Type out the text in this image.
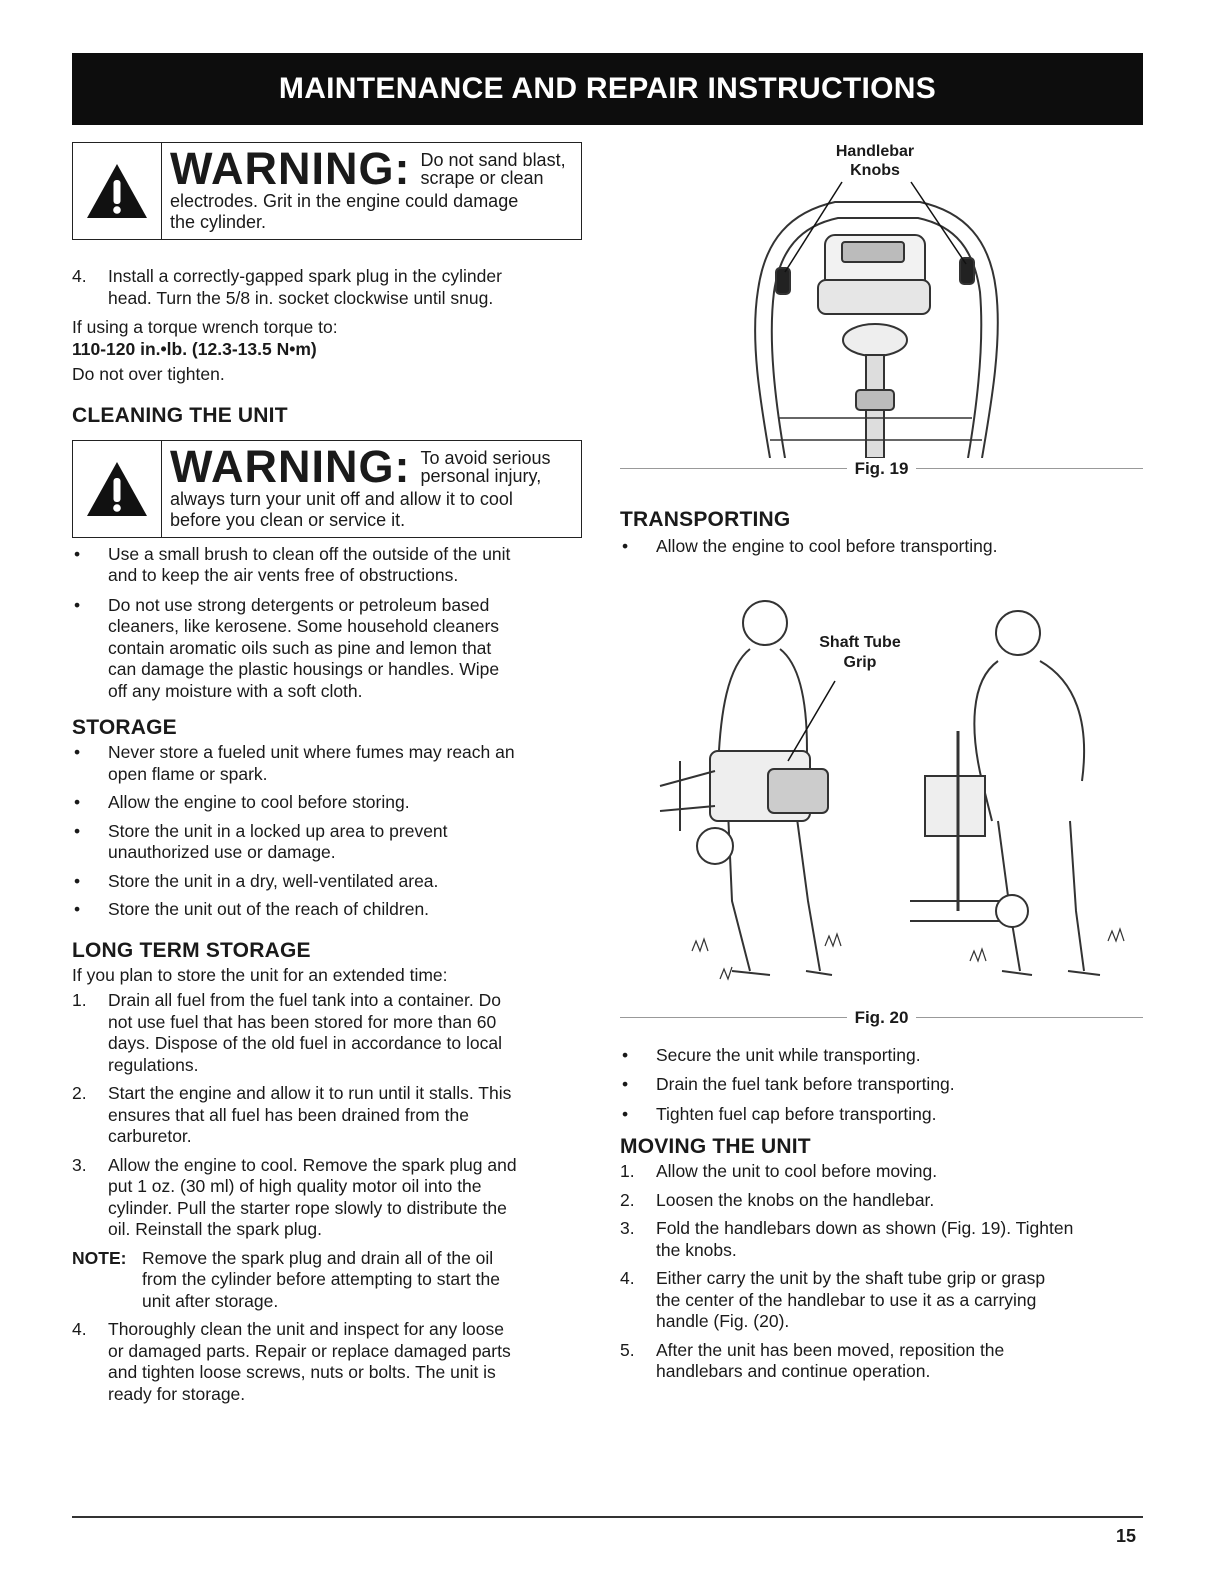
MAINTENANCE AND REPAIR INSTRUCTIONS
WARNING: Do not sand blast,
scrape or clean
electrodes. Grit in the engine could damage
the cylinder.
4. Install a correctly-gapped spark plug in the cylinder
head. Turn the 5/8 in. socket clockwise until snug.

If using a torque wrench torque to:

110-120 in.•lb. (12.3-13.5 N•m)

Do not over tighten.

CLEANING THE UNIT
WARNING: To avoid serious
personal injury,
always turn your unit off and allow it to cool
before you clean or service it.
• Use a small brush to clean off the outside of the unit
and to keep the air vents free of obstructions.
• Do not use strong detergents or petroleum based
cleaners, like kerosene. Some household cleaners
contain aromatic oils such as pine and lemon that
can damage the plastic housings or handles. Wipe
off any moisture with a soft cloth.
STORAGE
• Never store a fueled unit where fumes may reach an
open flame or spark.
• Allow the engine to cool before storing.
• Store the unit in a locked up area to prevent
unauthorized use or damage.
• Store the unit in a dry, well-ventilated area.
• Store the unit out of the reach of children.
LONG TERM STORAGE

If you plan to store the unit for an extended time:

1. Drain all fuel from the fuel tank into a container. Do
not use fuel that has been stored for more than 60
days. Dispose of the old fuel in accordance to local
regulations.
2. Start the engine and allow it to run until it stalls. This
ensures that all fuel has been drained from the
carburetor.
3. Allow the engine to cool. Remove the spark plug and
put 1 oz. (30 ml) of high quality motor oil into the
cylinder. Pull the starter rope slowly to distribute the
oil. Reinstall the spark plug.
NOTE: Remove the spark plug and drain all of the oil
from the cylinder before attempting to start the
unit after storage.
4. Thoroughly clean the unit and inspect for any loose
or damaged parts. Repair or replace damaged parts
and tighten loose screws, nuts or bolts. The unit is
ready for storage.
Handlebar
Knobs
Fig. 19
TRANSPORTING
• Allow the engine to cool before transporting.
Shaft Tube
Grip
Fig. 20
• Secure the unit while transporting.
• Drain the fuel tank before transporting.
• Tighten fuel cap before transporting.
MOVING THE UNIT
1. Allow the unit to cool before moving.
2. Loosen the knobs on the handlebar.
3. Fold the handlebars down as shown (Fig. 19). Tighten
the knobs.
4. Either carry the unit by the shaft tube grip or grasp
the center of the handlebar to use it as a carrying
handle (Fig. (20).
5. After the unit has been moved, reposition the
handlebars and continue operation.
15
